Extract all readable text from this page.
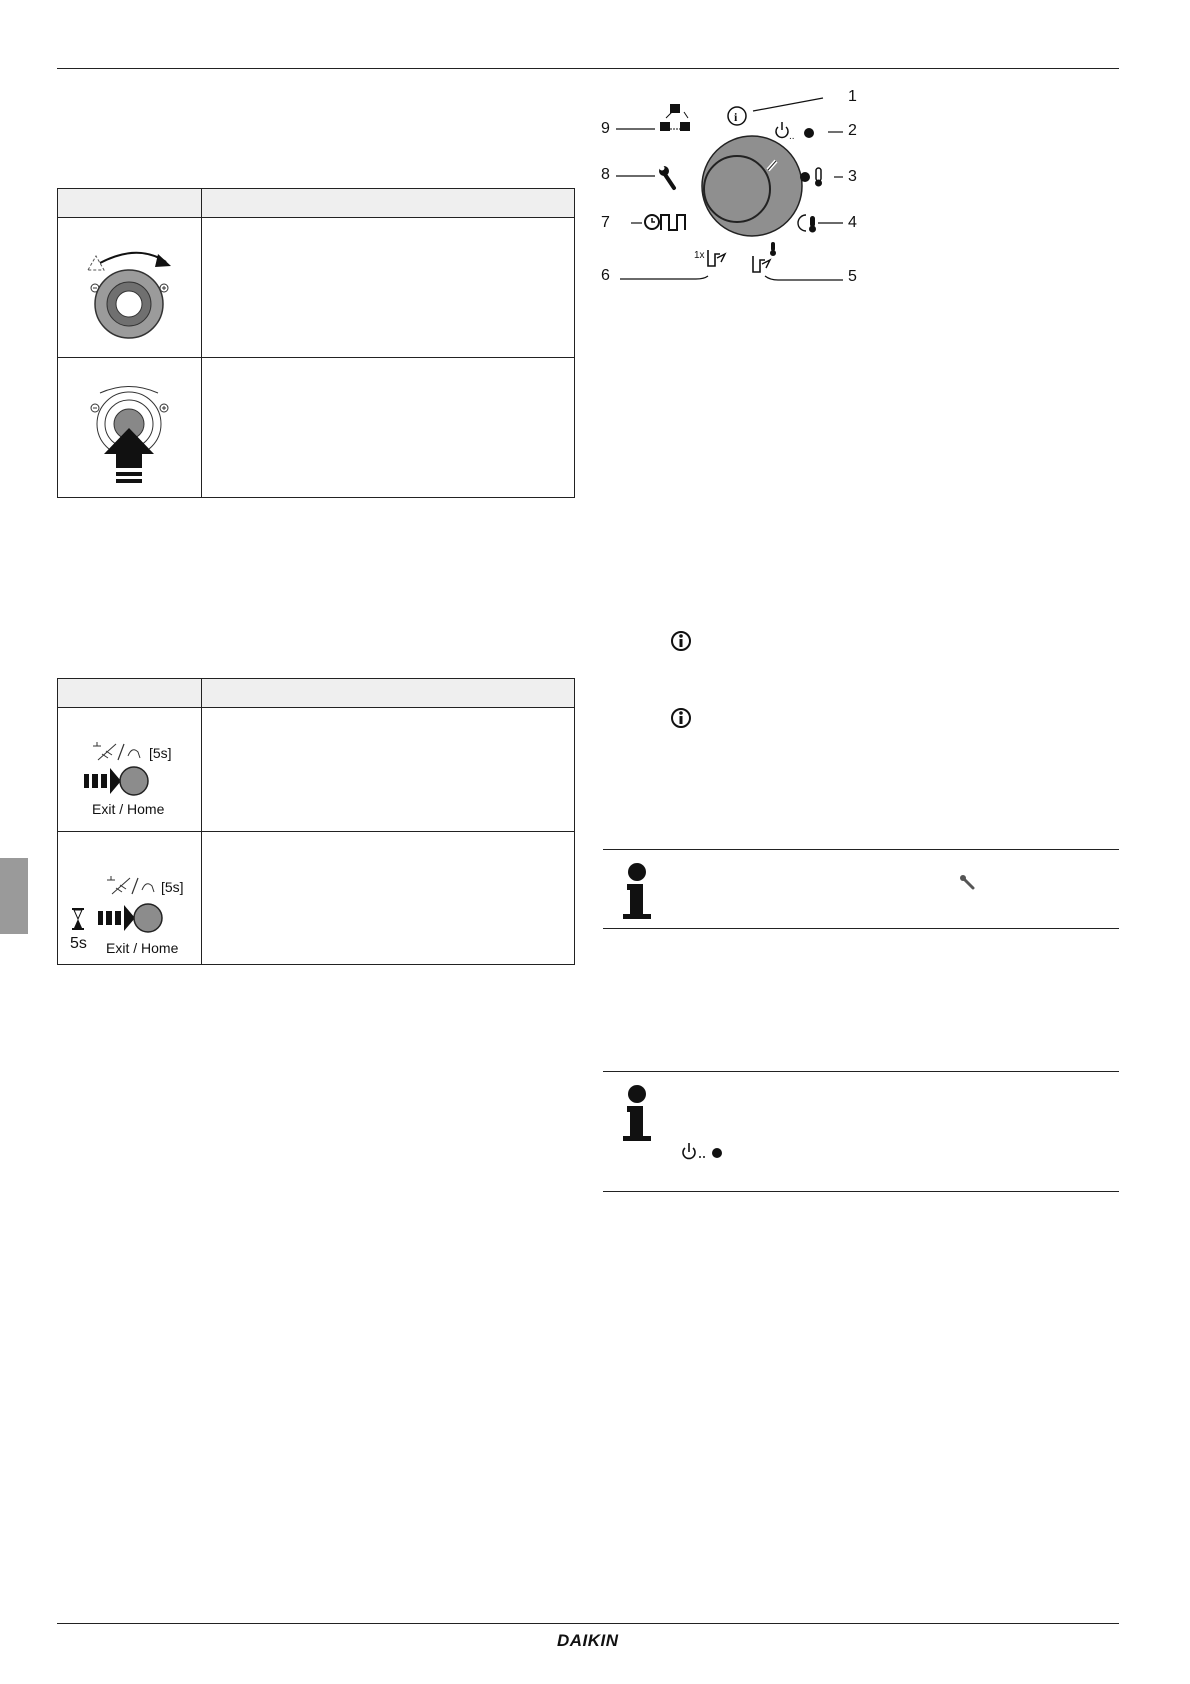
[5s]
Exit / Home	

[5s]
5s Exit / Home	

i
..
1x
1
2
3
4
5
6
7
8
9
DAIKIN
